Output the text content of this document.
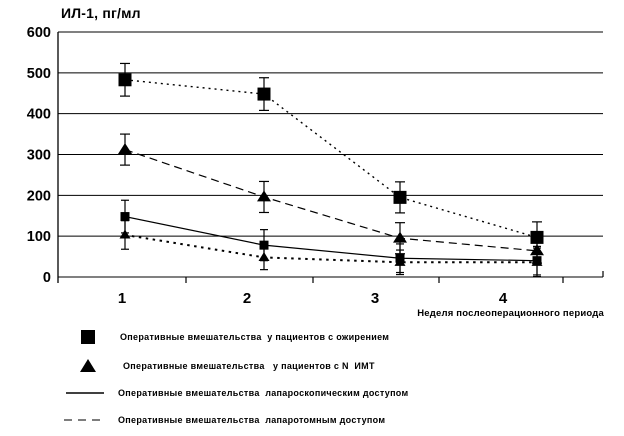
ИЛ-1, пг/мл
0
100
200
300
400
500
600
1	2	3	4
Неделя послеоперационного периода
Оперативные вмешательства  у пациентов с ожирением
Оперативные вмешательства   у пациентов с N  ИМТ
Оперативные вмешательства  лапароскопическим доступом
Оперативные вмешательства  лапаротомным доступом
